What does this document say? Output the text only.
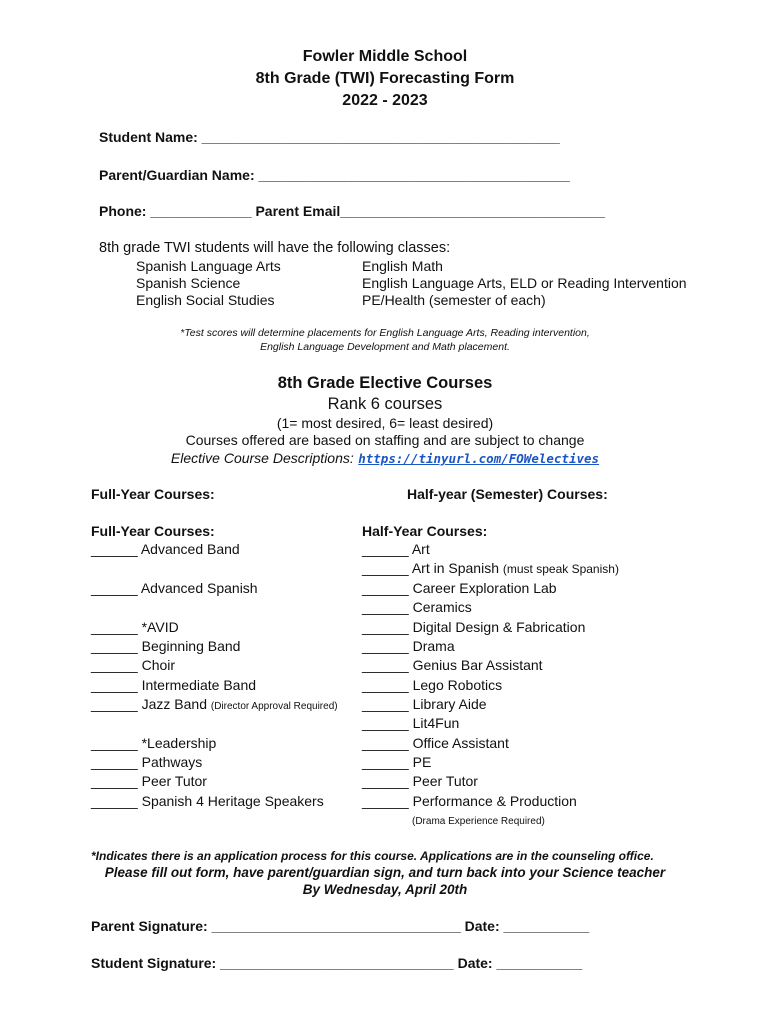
Fowler Middle School
8th Grade (TWI) Forecasting Form
2022 - 2023
Student Name: ______________________________________________
Parent/Guardian Name: ________________________________________
Phone: _____________ Parent Email__________________________________
8th grade TWI students will have the following classes:
Spanish Language Arts
Spanish Science
English Social Studies
English Math
English Language Arts, ELD or Reading Intervention
PE/Health (semester of each)
*Test scores will determine placements for English Language Arts, Reading intervention,
English Language Development and Math placement.
8th Grade Elective Courses
Rank 6 courses
(1= most desired, 6= least desired)
Courses offered are based on staffing and are subject to change
Elective Course Descriptions: https://tinyurl.com/FOWelectives
Full-Year Courses:	Half-year (Semester) Courses:
Full-Year Courses:	Half-Year Courses:
______ Advanced Band
______ Advanced Spanish
______ *AVID
______ Beginning Band
______ Choir
______ Intermediate Band
______ Jazz Band (Director Approval Required)
______ *Leadership
______ Pathways
______ Peer Tutor
______ Spanish 4 Heritage Speakers
______ Art
______ Art in Spanish (must speak Spanish)
______ Career Exploration Lab
______ Ceramics
______ Digital Design & Fabrication
______ Drama
______ Genius Bar Assistant
______ Lego Robotics
______ Library Aide
______ Lit4Fun
______ Office Assistant
______ PE
______ Peer Tutor
______ Performance & Production
(Drama Experience Required)
*Indicates there is an application process for this course. Applications are in the counseling office.
Please fill out form, have parent/guardian sign, and turn back into your Science teacher
By Wednesday, April 20th
Parent Signature: ________________________________ Date: ___________
Student Signature: ______________________________ Date: ___________
